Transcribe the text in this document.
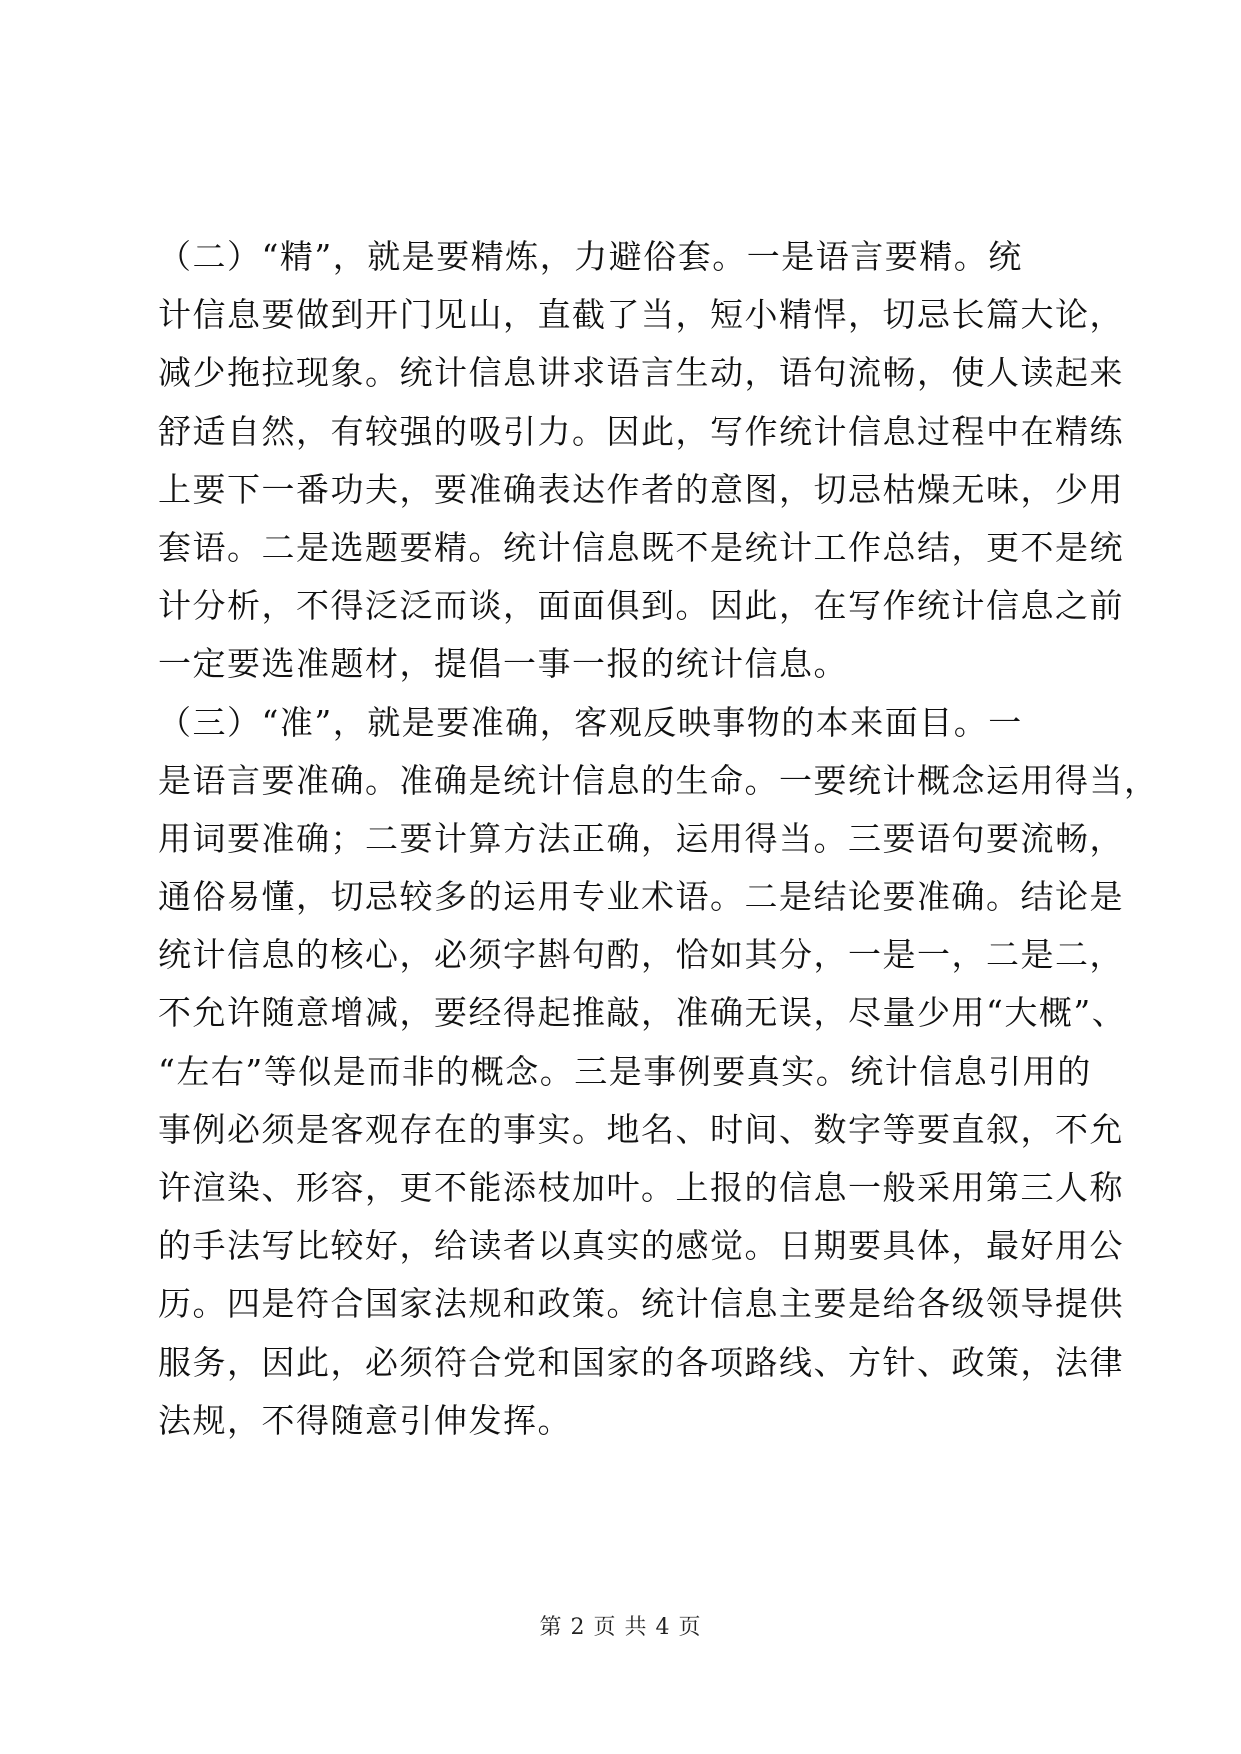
（二）“精”，就是要精炼，力避俗套。一是语言要精。统
计信息要做到开门见山，直截了当，短小精悍，切忌长篇大论，
减少拖拉现象。统计信息讲求语言生动，语句流畅，使人读起来
舒适自然，有较强的吸引力。因此，写作统计信息过程中在精练
上要下一番功夫，要准确表达作者的意图，切忌枯燥无味，少用
套语。二是选题要精。统计信息既不是统计工作总结，更不是统
计分析，不得泛泛而谈，面面俱到。因此，在写作统计信息之前
一定要选准题材，提倡一事一报的统计信息。
（三）“准”，就是要准确，客观反映事物的本来面目。一
是语言要准确。准确是统计信息的生命。一要统计概念运用得当，
用词要准确；二要计算方法正确，运用得当。三要语句要流畅，
通俗易懂，切忌较多的运用专业术语。二是结论要准确。结论是
统计信息的核心，必须字斟句酌，恰如其分，一是一，二是二，
不允许随意增减，要经得起推敲，准确无误，尽量少用“大概”、
“左右”等似是而非的概念。三是事例要真实。统计信息引用的
事例必须是客观存在的事实。地名、时间、数字等要直叙，不允
许渲染、形容，更不能添枝加叶。上报的信息一般采用第三人称
的手法写比较好，给读者以真实的感觉。日期要具体，最好用公
历。四是符合国家法规和政策。统计信息主要是给各级领导提供
服务，因此，必须符合党和国家的各项路线、方针、政策，法律
法规，不得随意引伸发挥。
第 2 页 共 4 页
